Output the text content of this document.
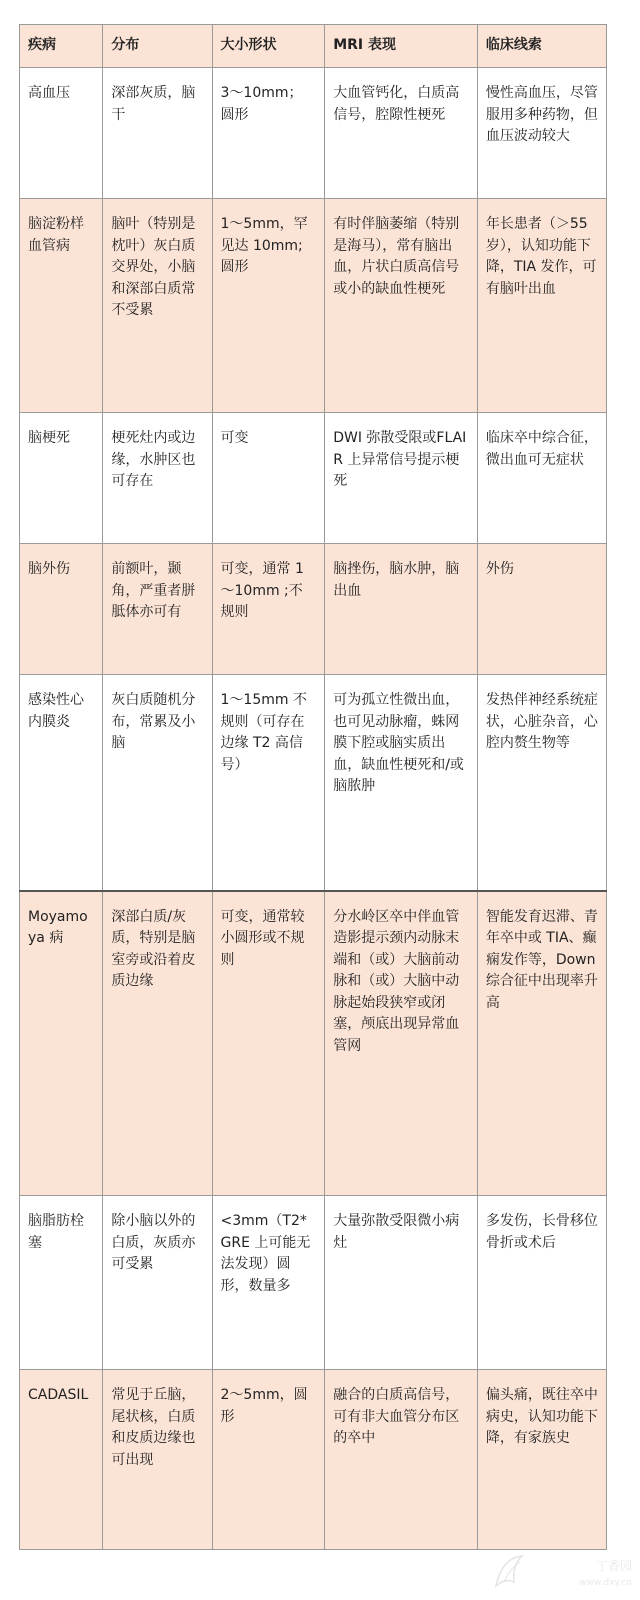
疾病	分布	大小形状	MRI 表现	临床线索
高血压	深部灰质，脑干	3～10mm；圆形	大血管钙化，白质高信号，腔隙性梗死	慢性高血压，尽管服用多种药物，但血压波动较大
脑淀粉样血管病	脑叶（特别是枕叶）灰白质交界处，小脑和深部白质常不受累	1～5mm，罕见达 10mm;圆形	有时伴脑萎缩（特别是海马），常有脑出血，片状白质高信号或小的缺血性梗死	年长患者（＞55岁），认知功能下降，TIA 发作，可有脑叶出血
脑梗死	梗死灶内或边缘，水肿区也可存在	可变	DWI 弥散受限或FLAIR 上异常信号提示梗死	临床卒中综合征，微出血可无症状
脑外伤	前额叶，颞角，严重者胼胝体亦可有	可变，通常 1～10mm ;不规则	脑挫伤，脑水肿，脑出血	外伤
感染性心内膜炎	灰白质随机分布，常累及小脑	1～15mm 不规则（可存在边缘 T2 高信号）	可为孤立性微出血，也可见动脉瘤，蛛网膜下腔或脑实质出血，缺血性梗死和/或脑脓肿	发热伴神经系统症状，心脏杂音，心腔内赘生物等
Moyamoya 病	深部白质/灰质，特别是脑室旁或沿着皮质边缘	可变，通常较小圆形或不规则	分水岭区卒中伴血管造影提示颈内动脉末端和（或）大脑前动脉和（或）大脑中动脉起始段狭窄或闭塞，颅底出现异常血管网	智能发育迟滞、青年卒中或 TIA、癫痫发作等，Down 综合征中出现率升高
脑脂肪栓塞	除小脑以外的白质，灰质亦可受累	<3mm（T2*GRE 上可能无法发现）圆形，数量多	大量弥散受限微小病灶	多发伤，长骨移位骨折或术后
CADASIL	常见于丘脑，尾状核，白质和皮质边缘也可出现	2～5mm，圆形	融合的白质高信号，可有非大血管分布区的卒中	偏头痛，既往卒中病史，认知功能下降，有家族史
丁香园
www.dxy.cn
